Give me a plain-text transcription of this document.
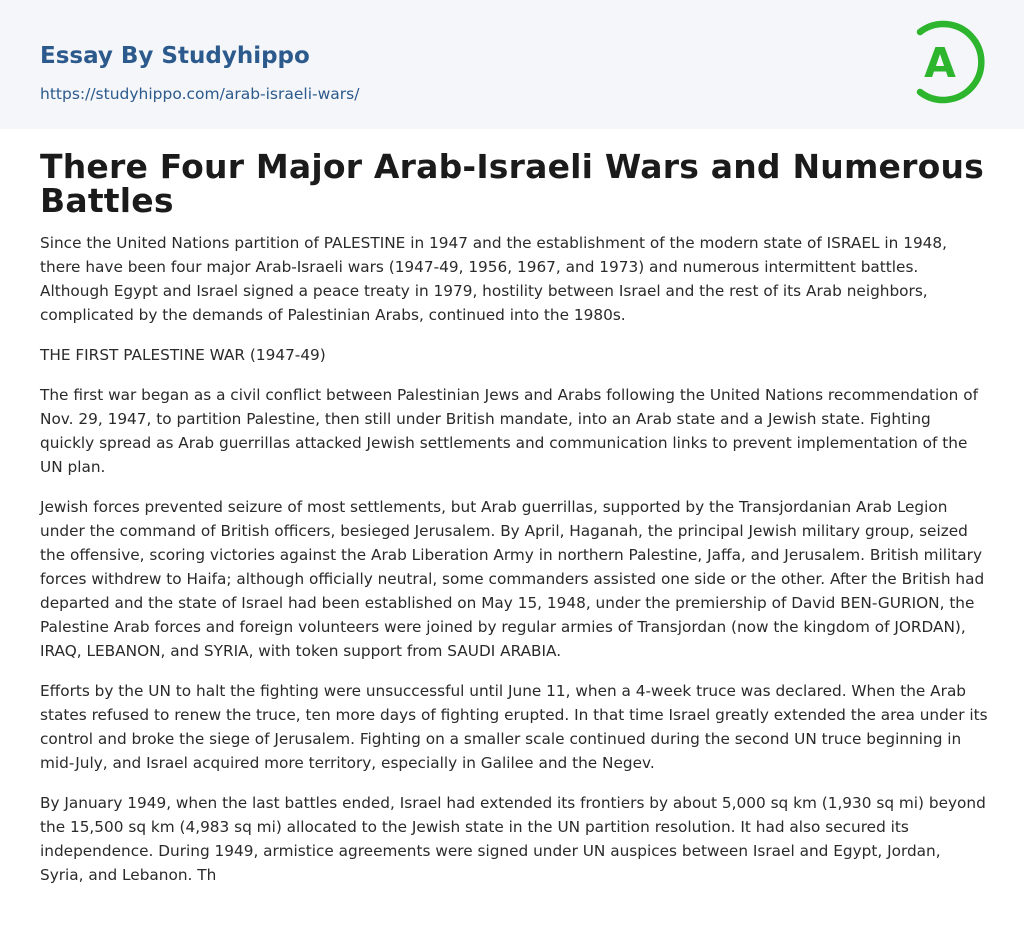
Essay By Studyhippo
https://studyhippo.com/arab-israeli-wars/
A
There Four Major Arab-Israeli Wars and Numerous Battles

Since the United Nations partition of PALESTINE in 1947 and the establishment of the modern state of ISRAEL in 1948, there have been four major Arab-Israeli wars (1947-49, 1956, 1967, and 1973) and numerous intermittent battles. Although Egypt and Israel signed a peace treaty in 1979, hostility between Israel and the rest of its Arab neighbors, complicated by the demands of Palestinian Arabs, continued into the 1980s.

THE FIRST PALESTINE WAR (1947-49)

The first war began as a civil conflict between Palestinian Jews and Arabs following the United Nations recommendation of Nov. 29, 1947, to partition Palestine, then still under British mandate, into an Arab state and a Jewish state. Fighting quickly spread as Arab guerrillas attacked Jewish settlements and communication links to prevent implementation of the UN plan.

Jewish forces prevented seizure of most settlements, but Arab guerrillas, supported by the Transjordanian Arab Legion under the command of British officers, besieged Jerusalem. By April, Haganah, the principal Jewish military group, seized the offensive, scoring victories against the Arab Liberation Army in northern Palestine, Jaffa, and Jerusalem. British military forces withdrew to Haifa; although officially neutral, some commanders assisted one side or the other. After the British had departed and the state of Israel had been established on May 15, 1948, under the premiership of David BEN-GURION, the Palestine Arab forces and foreign volunteers were joined by regular armies of Transjordan (now the kingdom of JORDAN), IRAQ, LEBANON, and SYRIA, with token support from SAUDI ARABIA.

Efforts by the UN to halt the fighting were unsuccessful until June 11, when a 4-week truce was declared. When the Arab states refused to renew the truce, ten more days of fighting erupted. In that time Israel greatly extended the area under its control and broke the siege of Jerusalem. Fighting on a smaller scale continued during the second UN truce beginning in mid-July, and Israel acquired more territory, especially in Galilee and the Negev.

By January 1949, when the last battles ended, Israel had extended its frontiers by about 5,000 sq km (1,930 sq mi) beyond the 15,500 sq km (4,983 sq mi) allocated to the Jewish state in the UN partition resolution. It had also secured its independence. During 1949, armistice agreements were signed under UN auspices between Israel and Egypt, Jordan, Syria, and Lebanon. Th
